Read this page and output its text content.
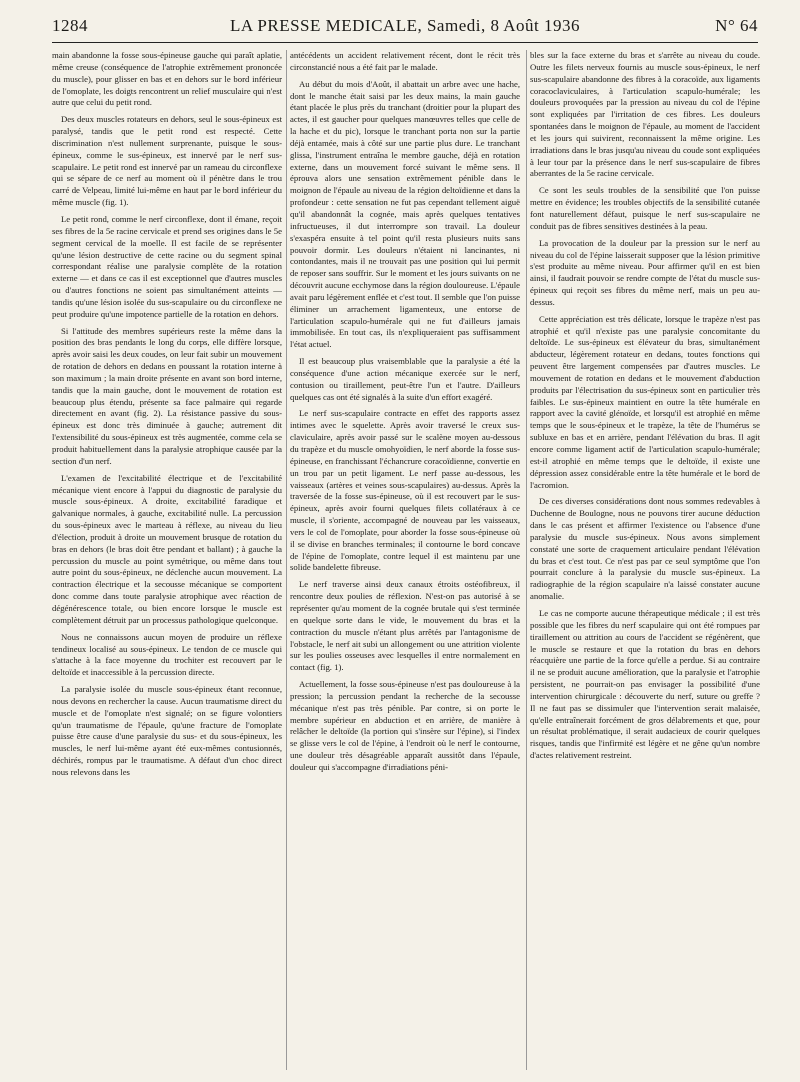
1284	LA PRESSE MEDICALE, Samedi, 8 Août 1936	N° 64

main abandonne la fosse sous-épineuse gauche qui paraît aplatie, même creuse (conséquence de l'atrophie extrêmement prononcée du muscle), pour glisser en bas et en dehors sur le bord inférieur de l'omoplate, les doigts rencontrent un relief musculaire qui n'est autre que celui du petit rond.

Des deux muscles rotateurs en dehors, seul le sous-épineux est paralysé, tandis que le petit rond est respecté. Cette discrimination n'est nullement surprenante, puisque le sous-épineux, comme le sus-épineux, est innervé par le nerf sus-scapulaire. Le petit rond est innervé par un rameau du circonflexe qui se sépare de ce nerf au moment où il pénètre dans le trou carré de Velpeau, limité lui-même en haut par le bord inférieur du même muscle (fig. 1).

Le petit rond, comme le nerf circonflexe, dont il émane, reçoit ses fibres de la 5e racine cervicale et prend ses origines dans le 5e segment cervical de la moelle. Il est facile de se représenter qu'une lésion destructive de cette racine ou du segment spinal correspondant réalise une paralysie complète de la rotation externe — et dans ce cas il est exceptionnel que d'autres muscles ou d'autres fonctions ne soient pas simultanément atteints — tandis qu'une lésion isolée du sus-scapulaire ou du circonflexe ne peut produire qu'une impotence partielle de la rotation en dehors.

Si l'attitude des membres supérieurs reste la même dans la position des bras pendants le long du corps, elle diffère lorsque, après avoir saisi les deux coudes, on leur fait subir un mouvement de rotation de dehors en dedans en poussant la rotation interne à son maximum ; la main droite présente en avant son bord interne, tandis que la main gauche, dont le mouvement de rotation est beaucoup plus étendu, présente sa face palmaire qui regarde directement en avant (fig. 2). La résistance passive du sous-épineux est donc très diminuée à gauche; autrement dit l'extensibilité du sous-épineux est très augmentée, comme cela se produit habituellement dans la paralysie atrophique causée par la section d'un nerf.

L'examen de l'excitabilité électrique et de l'excitabilité mécanique vient encore à l'appui du diagnostic de paralysie du muscle sous-épineux. A droite, excitabilité faradique et galvanique normales, à gauche, excitabilité nulle. La percussion du sous-épineux avec le marteau à réflexe, au niveau du lieu d'élection, produit à droite un mouvement brusque de rotation du bras en dehors (le bras doit être pendant et ballant) ; à gauche la percussion du muscle au point symétrique, ou même dans tout autre point du sous-épineux, ne déclenche aucun mouvement. La contraction électrique et la secousse mécanique se comportent donc comme dans toute paralysie atrophique avec réaction de dégénérescence totale, ou bien encore lorsque le muscle est complètement détruit par un processus pathologique quelconque.

Nous ne connaissons aucun moyen de produire un réflexe tendineux localisé au sous-épineux. Le tendon de ce muscle qui s'attache à la face moyenne du trochiter est recouvert par le deltoïde et inaccessible à la percussion directe.

La paralysie isolée du muscle sous-épineux étant reconnue, nous devons en rechercher la cause. Aucun traumatisme direct du muscle et de l'omoplate n'est signalé; on se figure volontiers qu'un traumatisme de l'épaule, qu'une fracture de l'omoplate puisse être cause d'une paralysie du sus- et du sous-épineux, les muscles, le nerf lui-même ayant été eux-mêmes contusionnés, déchirés, rompus par le traumatisme. A défaut d'un choc direct nous relevons dans les

antécédents un accident relativement récent, dont le récit très circonstancié nous a été fait par le malade.

Au début du mois d'Août, il abattait un arbre avec une hache, dont le manche était saisi par les deux mains, la main gauche étant placée le plus près du tranchant (droitier pour la plupart des actes, il est gaucher pour quelques manœuvres telles que celle de la hache et du pic), lorsque le tranchant porta non sur la partie déjà entamée, mais à côté sur une partie plus dure. Le tranchant glissa, l'instrument entraîna le membre gauche, déjà en rotation externe, dans un mouvement forcé suivant le même sens. Il éprouva alors une sensation extrêmement pénible dans le moignon de l'épaule au niveau de la région deltoïdienne et dans la profondeur : cette sensation ne fut pas cependant tellement aiguë qu'il abandonnât la cognée, mais après quelques tentatives infructueuses, il dut interrompre son travail. La douleur s'exaspéra ensuite à tel point qu'il resta plusieurs nuits sans pouvoir dormir. Les douleurs n'étaient ni lancinantes, ni contondantes, mais il ne trouvait pas une position qui lui permit de reposer sans souffrir. Sur le moment et les jours suivants on ne découvrit aucune ecchymose dans la région douloureuse. L'épaule avait paru légèrement enflée et c'est tout. Il semble que l'on puisse éliminer un arrachement ligamenteux, une entorse de l'articulation scapulo-humérale qui ne fut d'ailleurs jamais immobilisée. En tout cas, ils n'expliqueraient pas suffisamment l'état actuel.

Il est beaucoup plus vraisemblable que la paralysie a été la conséquence d'une action mécanique exercée sur le nerf, contusion ou tiraillement, peut-être l'un et l'autre. D'ailleurs quelques cas ont été signalés à la suite d'un effort exagéré.

Le nerf sus-scapulaire contracte en effet des rapports assez intimes avec le squelette. Après avoir traversé le creux sus-claviculaire, après avoir passé sur le scalène moyen au-dessous du trapèze et du muscle omohyoïdien, le nerf aborde la fosse sus-épineuse, en franchissant l'échancrure coracoïdienne, convertie en un trou par un petit ligament. Le nerf passe au-dessous, les vaisseaux (artères et veines sous-scapulaires) au-dessus. Après la traversée de la fosse sus-épineuse, où il est recouvert par le sus-épineux, après avoir fourni quelques filets collatéraux à ce muscle, il s'oriente, accompagné de nouveau par les vaisseaux, vers le col de l'omoplate, pour aborder la fosse sous-épineuse où il se divise en branches terminales; il contourne le bord concave de l'épine de l'omoplate, contre lequel il est maintenu par une solide bandelette fibreuse.

Le nerf traverse ainsi deux canaux étroits ostéofibreux, il rencontre deux poulies de réflexion. N'est-on pas autorisé à se représenter qu'au moment de la cognée brutale qui s'est terminée en quelque sorte dans le vide, le mouvement du bras et la contraction du muscle n'étant plus arrêtés par l'antagonisme de l'obstacle, le nerf ait subi un allongement ou une attrition violente sur les poulies osseuses avec lesquelles il entre normalement en contact (fig. 1).

Actuellement, la fosse sous-épineuse n'est pas douloureuse à la pression; la percussion pendant la recherche de la secousse mécanique n'est pas très pénible. Par contre, si on porte le membre supérieur en abduction et en arrière, de manière à relâcher le deltoïde (la portion qui s'insère sur l'épine), si l'index se glisse vers le col de l'épine, à l'endroit où le nerf le contourne, une douleur très désagréable apparaît aussitôt dans l'épaule, douleur qui s'accompagne d'irradiations péni-

bles sur la face externe du bras et s'arrête au niveau du coude. Outre les filets nerveux fournis au muscle sous-épineux, le nerf sus-scapulaire abandonne des fibres à la coracoïde, aux ligaments coracoclaviculaires, à l'articulation scapulo-humérale; les douleurs provoquées par la pression au niveau du col de l'épine sont expliquées par l'irritation de ces fibres. Les douleurs spontanées dans le moignon de l'épaule, au moment de l'accident et les jours qui suivirent, reconnaissent la même origine. Les irradiations dans le bras jusqu'au niveau du coude sont expliquées à leur tour par la présence dans le nerf sus-scapulaire de fibres aberrantes de la 5e racine cervicale.

Ce sont les seuls troubles de la sensibilité que l'on puisse mettre en évidence; les troubles objectifs de la sensibilité cutanée font naturellement défaut, puisque le nerf sus-scapulaire ne conduit pas de fibres sensitives destinées à la peau.

La provocation de la douleur par la pression sur le nerf au niveau du col de l'épine laisserait supposer que la lésion primitive s'est produite au même niveau. Pour affirmer qu'il en est bien ainsi, il faudrait pouvoir se rendre compte de l'état du muscle sus-épineux qui reçoit ses fibres du même nerf, mais un peu au-dessus.

Cette appréciation est très délicate, lorsque le trapèze n'est pas atrophié et qu'il n'existe pas une paralysie concomitante du deltoïde. Le sus-épineux est élévateur du bras, simultanément abducteur, légèrement rotateur en dedans, toutes fonctions qui peuvent être largement compensées par d'autres muscles. Le mouvement de rotation en dedans et le mouvement d'abduction produits par l'électrisation du sus-épineux sont en particulier très faibles. Le sus-épineux maintient en outre la tête humérale en rapport avec la cavité glénoïde, et lorsqu'il est atrophié en même temps que le sous-épineux et le trapèze, la tête de l'humérus se subluxe en bas et en arrière, pendant l'élévation du bras. Il agit encore comme ligament actif de l'articulation scapulo-humérale; est-il atrophié en même temps que le deltoïde, il existe une dépression assez considérable entre la tête humérale et le bord de l'acromion.

De ces diverses considérations dont nous sommes redevables à Duchenne de Boulogne, nous ne pouvons tirer aucune déduction dans le cas présent et affirmer l'existence ou l'absence d'une paralysie du muscle sus-épineux. Nous avons simplement constaté une sorte de craquement articulaire pendant l'élévation du bras et c'est tout. Ce n'est pas par ce seul symptôme que l'on pourrait conclure à la paralysie du muscle sus-épineux. La radiographie de la région scapulaire n'a laissé constater aucune anomalie.

Le cas ne comporte aucune thérapeutique médicale ; il est très possible que les fibres du nerf scapulaire qui ont été rompues par tiraillement ou attrition au cours de l'accident se régénèrent, que le muscle se restaure et que la rotation du bras en dehors réacquière une partie de la force qu'elle a perdue. Si au contraire il ne se produit aucune amélioration, que la paralysie et l'atrophie persistent, ne pourrait-on pas envisager la possibilité d'une intervention chirurgicale : découverte du nerf, suture ou greffe ? Il ne faut pas se dissimuler que l'intervention serait malaisée, qu'elle entraînerait forcément de gros délabrements et que, pour un résultat problématique, il serait audacieux de courir quelques risques, tandis que l'infirmité est légère et ne gêne qu'un nombre d'actes relativement restreint.
